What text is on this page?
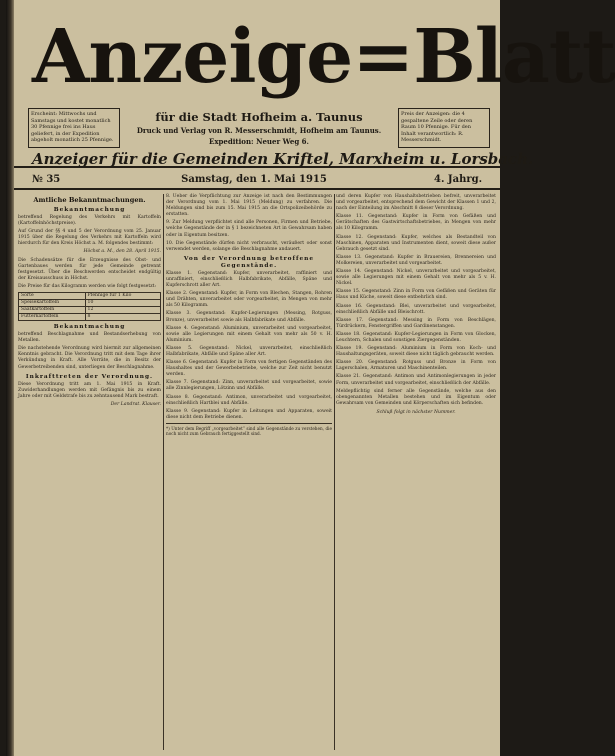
Anzeige=Blatt
Erscheint: Mittwochs und Samstags und kostet monatlich 30 Pfennige frei ins Haus geliefert, in der Expedition abgeholt monatlich 25 Pfennige.
für die Stadt Hofheim a. Taunus
Druck und Verlag von R. Messerschmidt, Hofheim am Taunus.
Expedition: Neuer Weg 6.
Preis der Anzeigen: die 4 gespaltene Zeile oder deren Raum 10 Pfennige. Für den Inhalt verantwortlich: R. Messerschmidt.
Anzeiger für die Gemeinden Kriftel, Marxheim u. Lorsbach.
№ 35	Samstag, den 1. Mai 1915	4. Jahrg.
Amtliche Bekanntmachungen.
Bekanntmachung

betreffend Regelung des Verkehrs mit Kartoffeln (Kartoffelnhöchstpreise).

Auf Grund der §§ 4 und 5 der Verordnung vom 25. Januar 1915 über die Regelung des Verkehrs mit Kartoffeln wird hierdurch für den Kreis Höchst a. M. folgendes bestimmt:

Höchst a. M., den 28. April 1915.

Die Schadensätze für die Erzeugnisse des Obst- und Gartenbaues werden für jede Gemeinde getrennt festgesetzt. Über die Beschwerden entscheidet endgültig der Kreisausschuss in Höchst.

Die Preise für das Kilogramm werden wie folgt festgesetzt:

Sorte	Pfennige für 1 Kilo
Speisekartoffeln	10
Saatkartoffeln	12
Futterkartoffeln	8
Bekanntmachung

betreffend Beschlagnahme und Bestandserhebung von Metallen.

Die nachstehende Verordnung wird hiermit zur allgemeinen Kenntnis gebracht. Die Verordnung tritt mit dem Tage ihrer Verkündung in Kraft. Alle Vorräte, die in Besitz der Gewerbetreibenden sind, unterliegen der Beschlagnahme.

Inkrafttreten der Verordnung.

Diese Verordnung tritt am 1. Mai 1915 in Kraft. Zuwiderhandlungen werden mit Gefängnis bis zu einem Jahre oder mit Geldstrafe bis zu zehntausend Mark bestraft.

Der Landrat. Klauser.

8. Ueber die Verpflichtung zur Anzeige ist nach den Bestimmungen der Verordnung vom 1. Mai 1915 (Meldung) zu verfahren. Die Meldungen sind bis zum 15. Mai 1915 an die Ortspolizeibehörde zu erstatten.

9. Zur Meldung verpflichtet sind alle Personen, Firmen und Betriebe, welche Gegenstände der in § 1 bezeichneten Art in Gewahrsam haben oder in Eigentum besitzen.

10. Die Gegenstände dürfen nicht verbraucht, veräußert oder sonst verwendet werden, solange die Beschlagnahme andauert.

Von der Verordnung betroffene Gegenstände.

Klasse 1. Gegenstand: Kupfer, unverarbeitet, raffiniert und unraffiniert, einschließlich Halbfabrikate, Abfälle, Späne und Kupferschrott aller Art.

Klasse 2. Gegenstand: Kupfer, in Form von Blechen, Stangen, Rohren und Drähten, unverarbeitet oder vorgearbeitet, in Mengen von mehr als 50 Kilogramm.

Klasse 3. Gegenstand: Kupfer-Legierungen (Messing, Rotguss, Bronze), unverarbeitet sowie als Halbfabrikate und Abfälle.

Klasse 4. Gegenstand: Aluminium, unverarbeitet und vorgearbeitet, sowie alle Legierungen mit einem Gehalt von mehr als 50 v. H. Aluminium.

Klasse 5. Gegenstand: Nickel, unverarbeitet, einschließlich Halbfabrikate, Abfälle und Späne aller Art.

Klasse 6. Gegenstand: Kupfer in Form von fertigen Gegenständen des Haushaltes und der Gewerbebetriebe, welche zur Zeit nicht benutzt werden.

Klasse 7. Gegenstand: Zinn, unverarbeitet und vorgearbeitet, sowie alle Zinnlegierungen, Lötzinn und Abfälle.

Klasse 8. Gegenstand: Antimon, unverarbeitet und vorgearbeitet, einschließlich Hartblei und Abfälle.

Klasse 9. Gegenstand: Kupfer in Leitungen und Apparaten, soweit diese nicht dem Betriebe dienen.

*) Unter dem Begriff „vorgearbeitet“ sind alle Gegenstände zu verstehen, die noch nicht zum Gebrauch fertiggestellt sind.

und deren Kupfer von Haushaltsbetrieben befreit, unverarbeitet und vorgearbeitet, entsprechend dem Gewicht der Klassen 1 und 2, nach der Einteilung im Abschnitt 8 dieser Verordnung.

Klasse 11. Gegenstand: Kupfer in Form von Gefäßen und Gerätschaften des Gastwirtschaftsbetriebes, in Mengen von mehr als 10 Kilogramm.

Klasse 12. Gegenstand: Kupfer, welches als Bestandteil von Maschinen, Apparaten und Instrumenten dient, soweit diese außer Gebrauch gesetzt sind.

Klasse 13. Gegenstand: Kupfer in Brauereien, Brennereien und Molkereien, unverarbeitet und vorgearbeitet.

Klasse 14. Gegenstand: Nickel, unverarbeitet und vorgearbeitet, sowie alle Legierungen mit einem Gehalt von mehr als 5 v. H. Nickel.

Klasse 15. Gegenstand: Zinn in Form von Gefäßen und Geräten für Haus und Küche, soweit diese entbehrlich sind.

Klasse 16. Gegenstand: Blei, unverarbeitet und vorgearbeitet, einschließlich Abfälle und Bleischrott.

Klasse 17. Gegenstand: Messing in Form von Beschlägen, Türdrückern, Fenstergriffen und Gardinenstangen.

Klasse 18. Gegenstand: Kupfer-Legierungen in Form von Glocken, Leuchtern, Schalen und sonstigen Ziergegenständen.

Klasse 19. Gegenstand: Aluminium in Form von Koch- und Haushaltungsgeräten, soweit diese nicht täglich gebraucht werden.

Klasse 20. Gegenstand: Rotguss und Bronze in Form von Lagerschalen, Armaturen und Maschinenteilen.

Klasse 21. Gegenstand: Antimon und Antimonlegierungen in jeder Form, unverarbeitet und vorgearbeitet, einschließlich der Abfälle.

Meldepflichtig sind ferner alle Gegenstände, welche aus den obengenannten Metallen bestehen und im Eigentum oder Gewahrsam von Gemeinden und Körperschaften sich befinden.

Schluß folgt in nächster Nummer.
